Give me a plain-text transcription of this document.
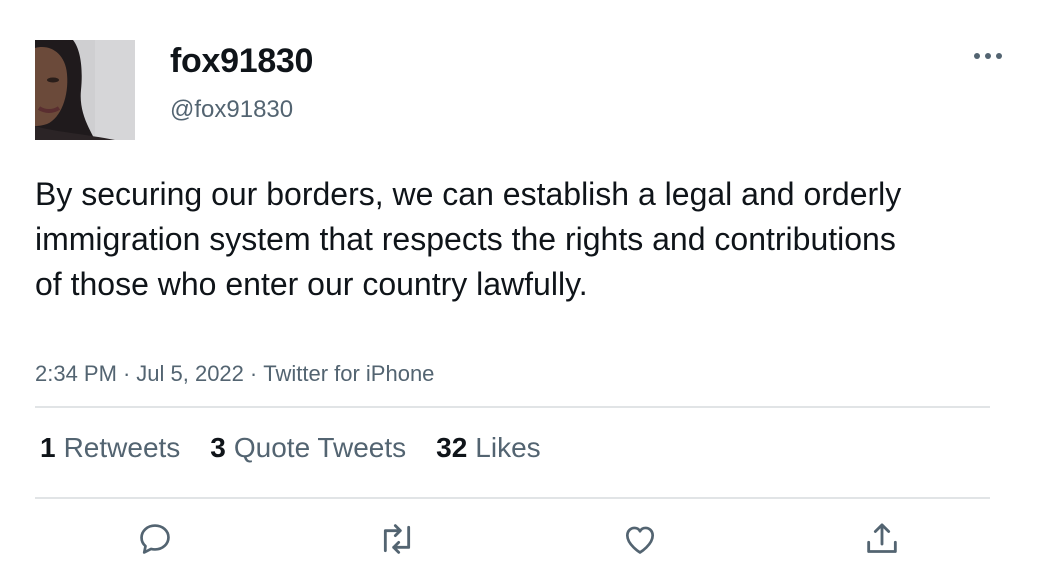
fox91830
@fox91830

By securing our borders, we can establish a legal and orderly immigration system that respects the rights and contributions of those who enter our country lawfully.

2:34 PM · Jul 5, 2022 · Twitter for iPhone
1 Retweets 3 Quote Tweets 32 Likes
